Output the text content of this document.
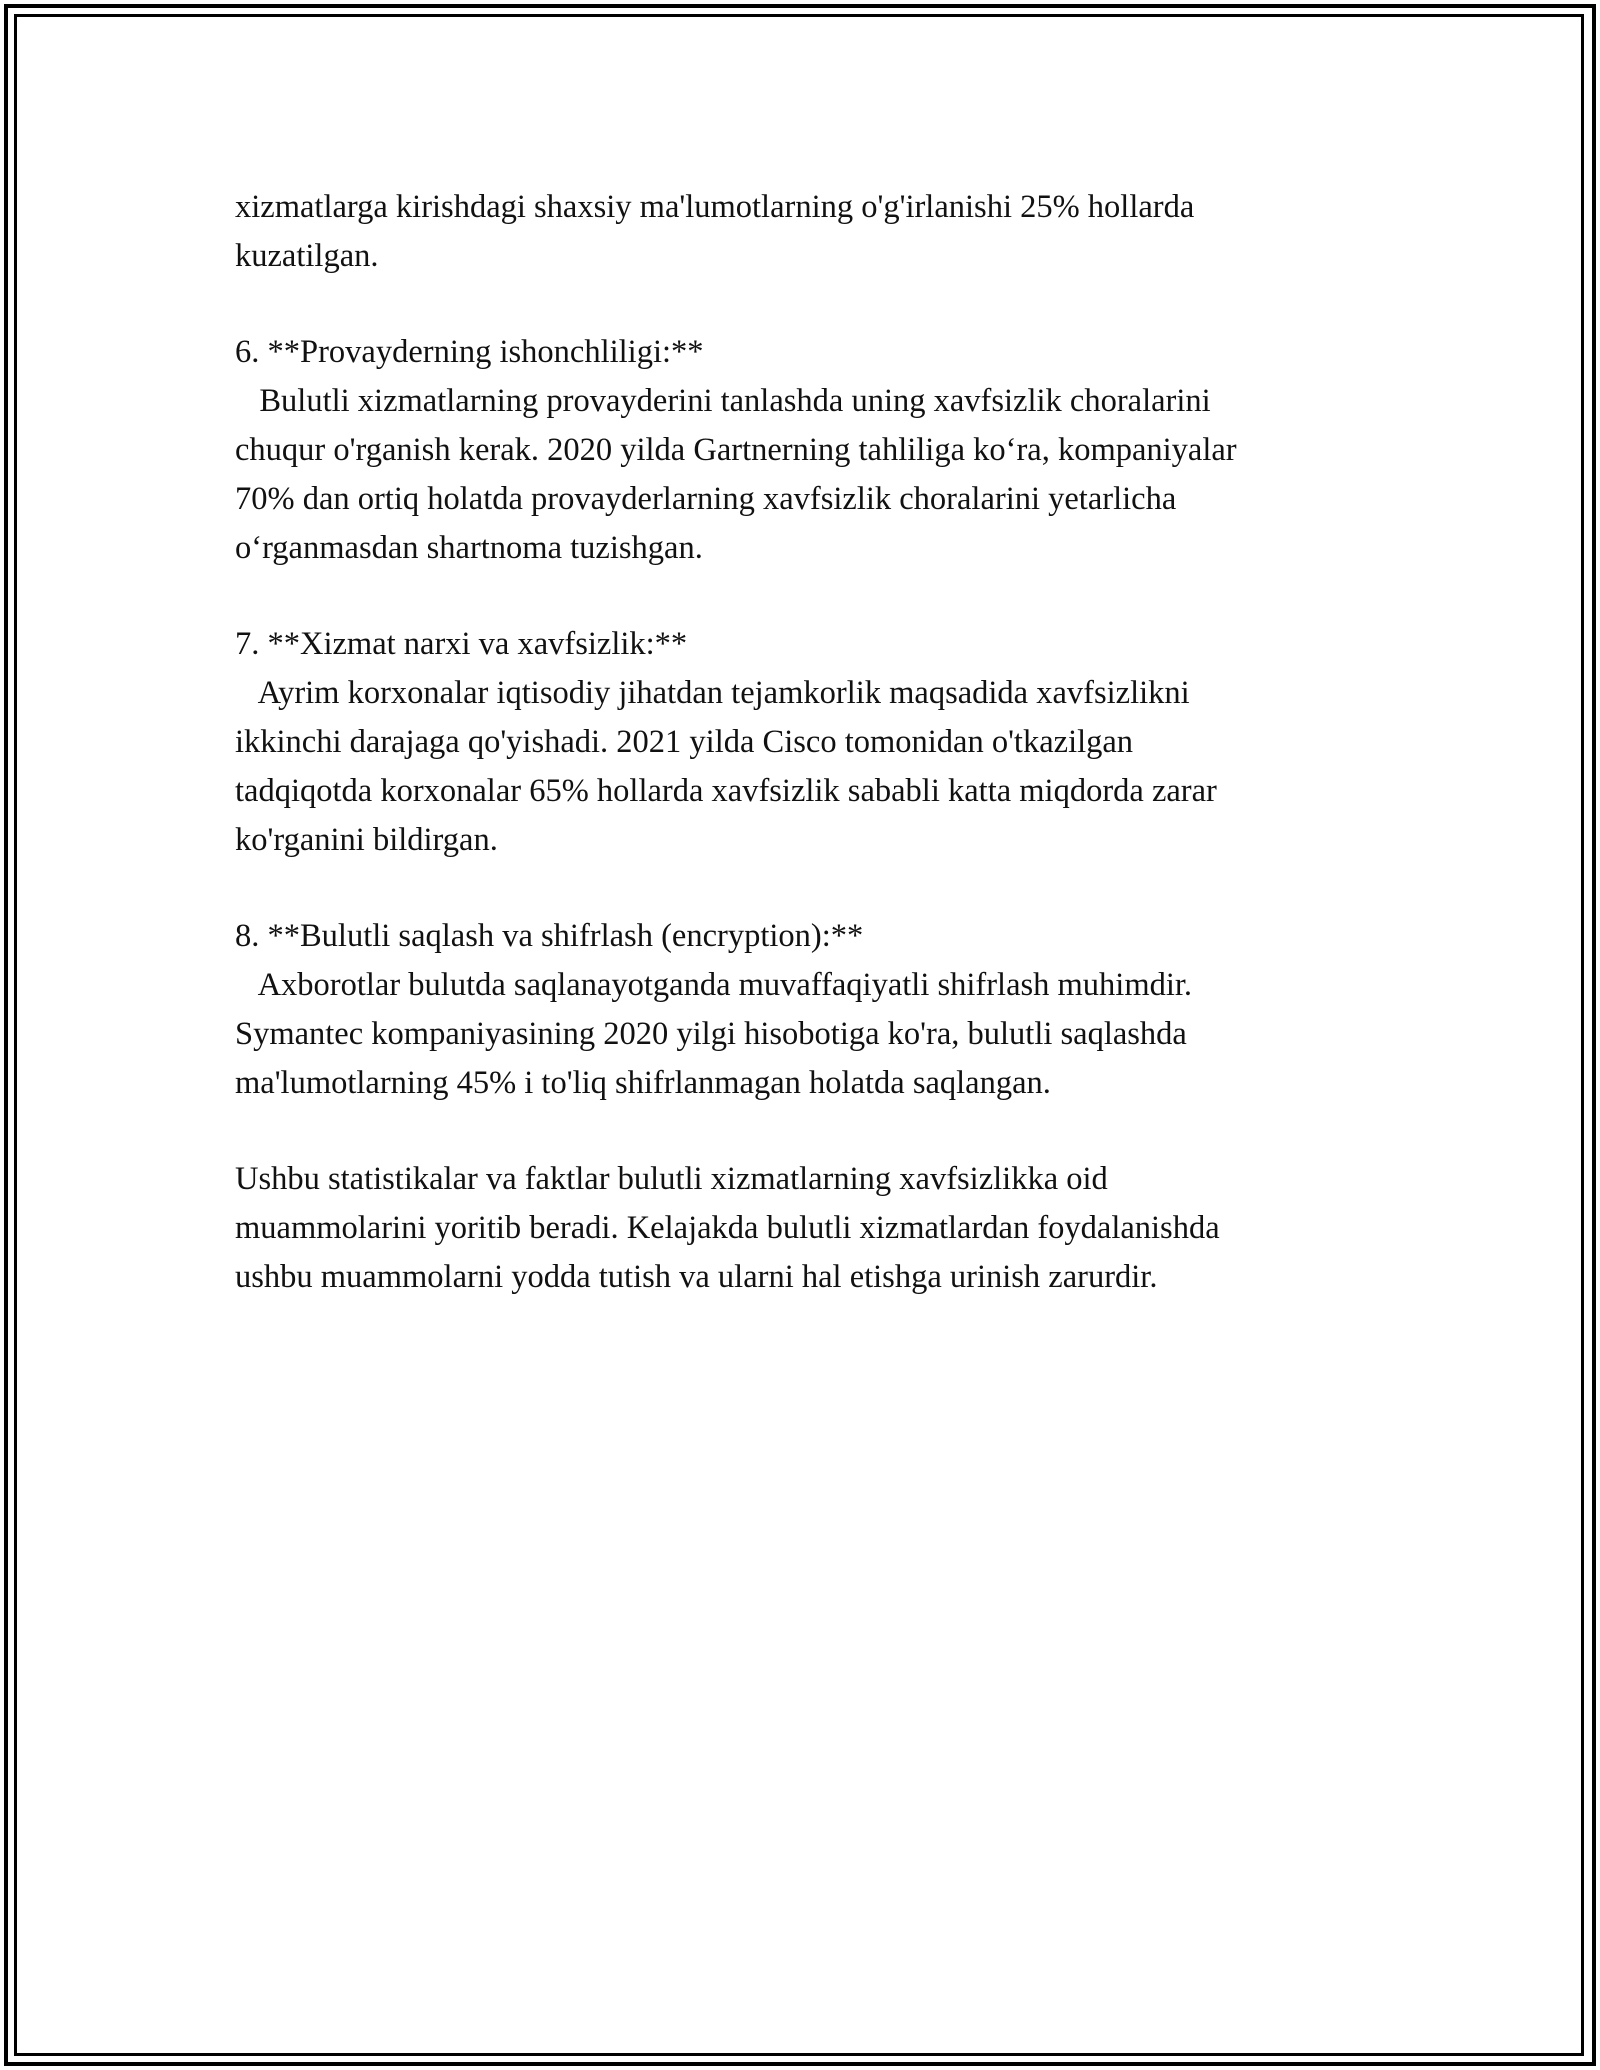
xizmatlarga kirishdagi shaxsiy ma'lumotlarning o'g'irlanishi 25% hollarda
kuzatilgan.
6. **Provayderning ishonchliligi:**
Bulutli xizmatlarning provayderini tanlashda uning xavfsizlik choralarini
chuqur o'rganish kerak. 2020 yilda Gartnerning tahliliga ko‘ra, kompaniyalar
70% dan ortiq holatda provayderlarning xavfsizlik choralarini yetarlicha
o‘rganmasdan shartnoma tuzishgan.
7. **Xizmat narxi va xavfsizlik:**
Ayrim korxonalar iqtisodiy jihatdan tejamkorlik maqsadida xavfsizlikni
ikkinchi darajaga qo'yishadi. 2021 yilda Cisco tomonidan o'tkazilgan
tadqiqotda korxonalar 65% hollarda xavfsizlik sababli katta miqdorda zarar
ko'rganini bildirgan.
8. **Bulutli saqlash va shifrlash (encryption):**
Axborotlar bulutda saqlanayotganda muvaffaqiyatli shifrlash muhimdir.
Symantec kompaniyasining 2020 yilgi hisobotiga ko'ra, bulutli saqlashda
ma'lumotlarning 45% i to'liq shifrlanmagan holatda saqlangan.
Ushbu statistikalar va faktlar bulutli xizmatlarning xavfsizlikka oid
muammolarini yoritib beradi. Kelajakda bulutli xizmatlardan foydalanishda
ushbu muammolarni yodda tutish va ularni hal etishga urinish zarurdir.
